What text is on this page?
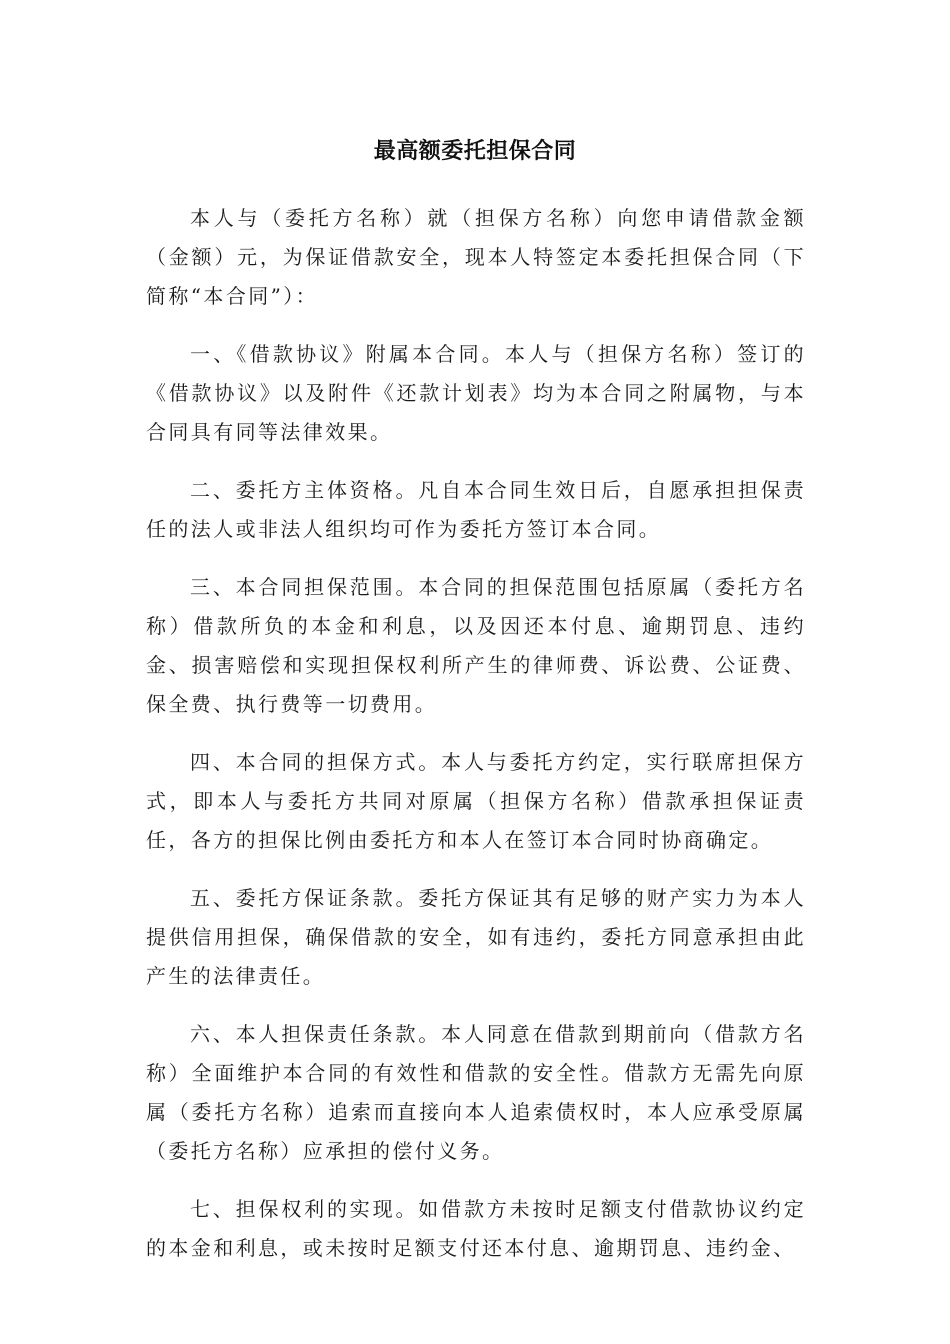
最高额委托担保合同

本人与（委托方名称）就（担保方名称）向您申请借款金额（金额）元，为保证借款安全，现本人特签定本委托担保合同（下简称“本合同”）：

一、《借款协议》附属本合同。本人与（担保方名称）签订的《借款协议》以及附件《还款计划表》均为本合同之附属物，与本合同具有同等法律效果。

二、委托方主体资格。凡自本合同生效日后，自愿承担担保责任的法人或非法人组织均可作为委托方签订本合同。

三、本合同担保范围。本合同的担保范围包括原属（委托方名称）借款所负的本金和利息，以及因还本付息、逾期罚息、违约金、损害赔偿和实现担保权利所产生的律师费、诉讼费、公证费、保全费、执行费等一切费用。

四、本合同的担保方式。本人与委托方约定，实行联席担保方式，即本人与委托方共同对原属（担保方名称）借款承担保证责任，各方的担保比例由委托方和本人在签订本合同时协商确定。

五、委托方保证条款。委托方保证其有足够的财产实力为本人提供信用担保，确保借款的安全，如有违约，委托方同意承担由此产生的法律责任。

六、本人担保责任条款。本人同意在借款到期前向（借款方名称）全面维护本合同的有效性和借款的安全性。借款方无需先向原属（委托方名称）追索而直接向本人追索债权时，本人应承受原属（委托方名称）应承担的偿付义务。

七、担保权利的实现。如借款方未按时足额支付借款协议约定的本金和利息，或未按时足额支付还本付息、逾期罚息、违约金、
